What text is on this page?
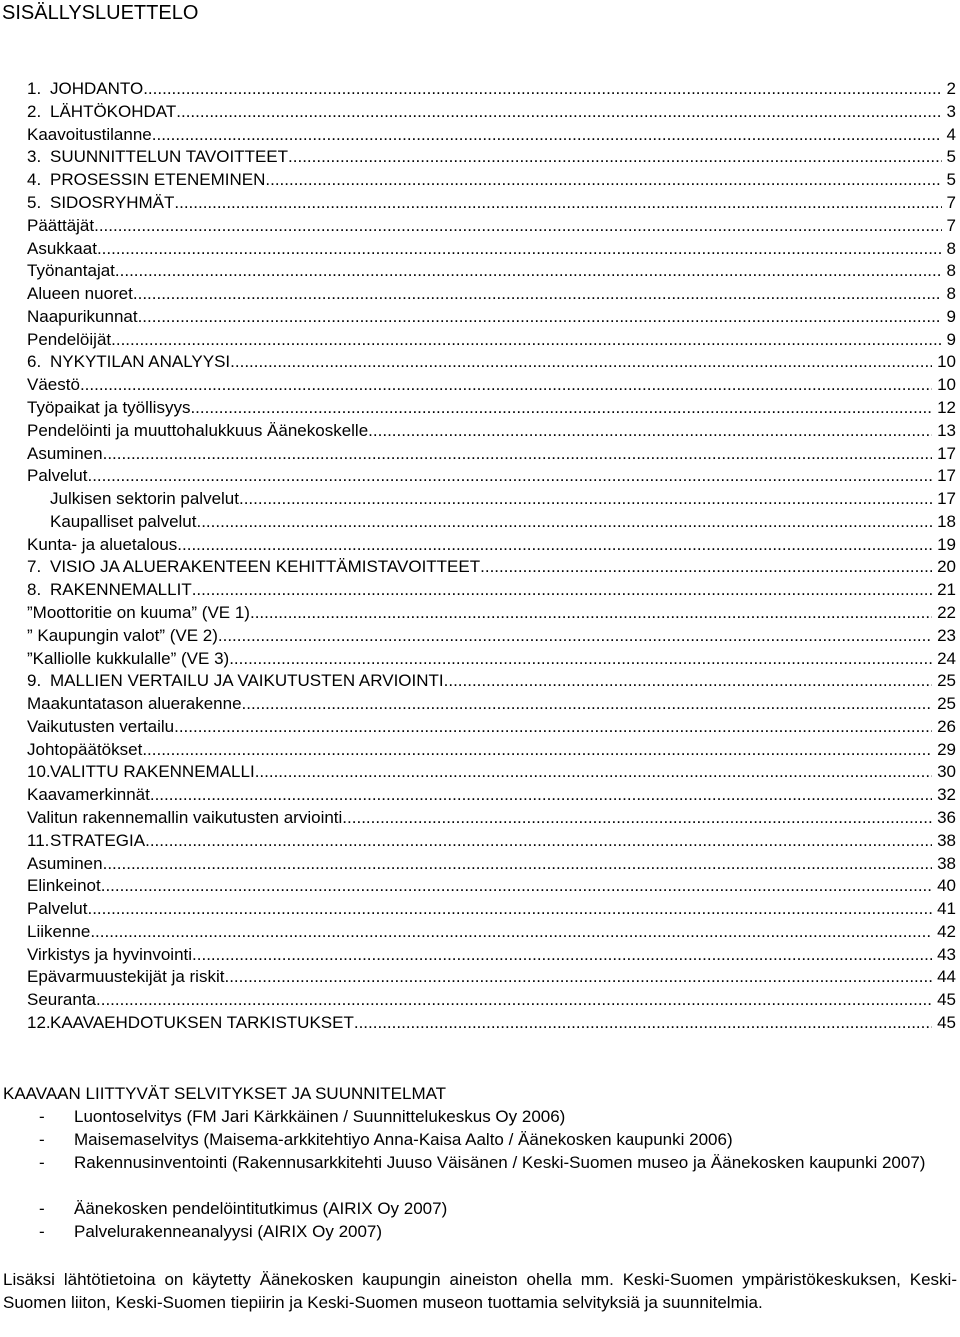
SISÄLLYSLUETTELO
1. JOHDANTO .....	2
2. LÄHTÖKOHDAT .....	3
Kaavoitustilanne .....	4
3. SUUNNITTELUN TAVOITTEET .....	5
4. PROSESSIN ETENEMINEN .....	5
5. SIDOSRYHMÄT .....	7
Päättäjät .....	7
Asukkaat .....	8
Työnantajat .....	8
Alueen nuoret .....	8
Naapurikunnat .....	9
Pendelöijät .....	9
6. NYKYTILAN ANALYYSI .....	10
Väestö .....	10
Työpaikat ja työllisyys .....	12
Pendelöinti ja muuttohalukkuus Äänekoskelle .....	13
Asuminen .....	17
Palvelut .....	17
Julkisen sektorin palvelut .....	17
Kaupalliset palvelut .....	18
Kunta- ja aluetalous .....	19
7. VISIO JA ALUERAKENTEEN KEHITTÄMISTAVOITTEET .....	20
8. RAKENNEMALLIT .....	21
”Moottoritie on kuuma” (VE 1) .....	22
” Kaupungin valot” (VE 2) .....	23
”Kalliolle kukkulalle” (VE 3) .....	24
9. MALLIEN VERTAILU JA VAIKUTUSTEN ARVIOINTI .....	25
Maakuntatason aluerakenne .....	25
Vaikutusten vertailu .....	26
Johtopäätökset .....	29
10. VALITTU RAKENNEMALLI .....	30
Kaavamerkinnät .....	32
Valitun rakennemallin vaikutusten arviointi .....	36
11. STRATEGIA .....	38
Asuminen .....	38
Elinkeinot .....	40
Palvelut .....	41
Liikenne .....	42
Virkistys ja hyvinvointi .....	43
Epävarmuustekijät ja riskit .....	44
Seuranta .....	45
12. KAAVAEHDOTUKSEN TARKISTUKSET .....	45
KAAVAAN LIITTYVÄT SELVITYKSET JA SUUNNITELMAT
-	Luontoselvitys (FM Jari Kärkkäinen / Suunnittelukeskus Oy 2006)
-	Maisemaselvitys (Maisema-arkkitehtiyo Anna-Kaisa Aalto / Äänekosken kaupunki 2006)
-	Rakennusinventointi (Rakennusarkkitehti Juuso Väisänen / Keski-Suomen museo ja Äänekosken kaupunki 2007)
-	Äänekosken pendelöintitutkimus (AIRIX Oy 2007)
-	Palvelurakenneanalyysi (AIRIX Oy 2007)
Lisäksi lähtötietoina on käytetty Äänekosken kaupungin aineiston ohella mm. Keski-Suomen ympäristökeskuksen, Keski-Suomen liiton, Keski-Suomen tiepiirin ja Keski-Suomen museon tuottamia selvityksiä ja suunnitelmia.
